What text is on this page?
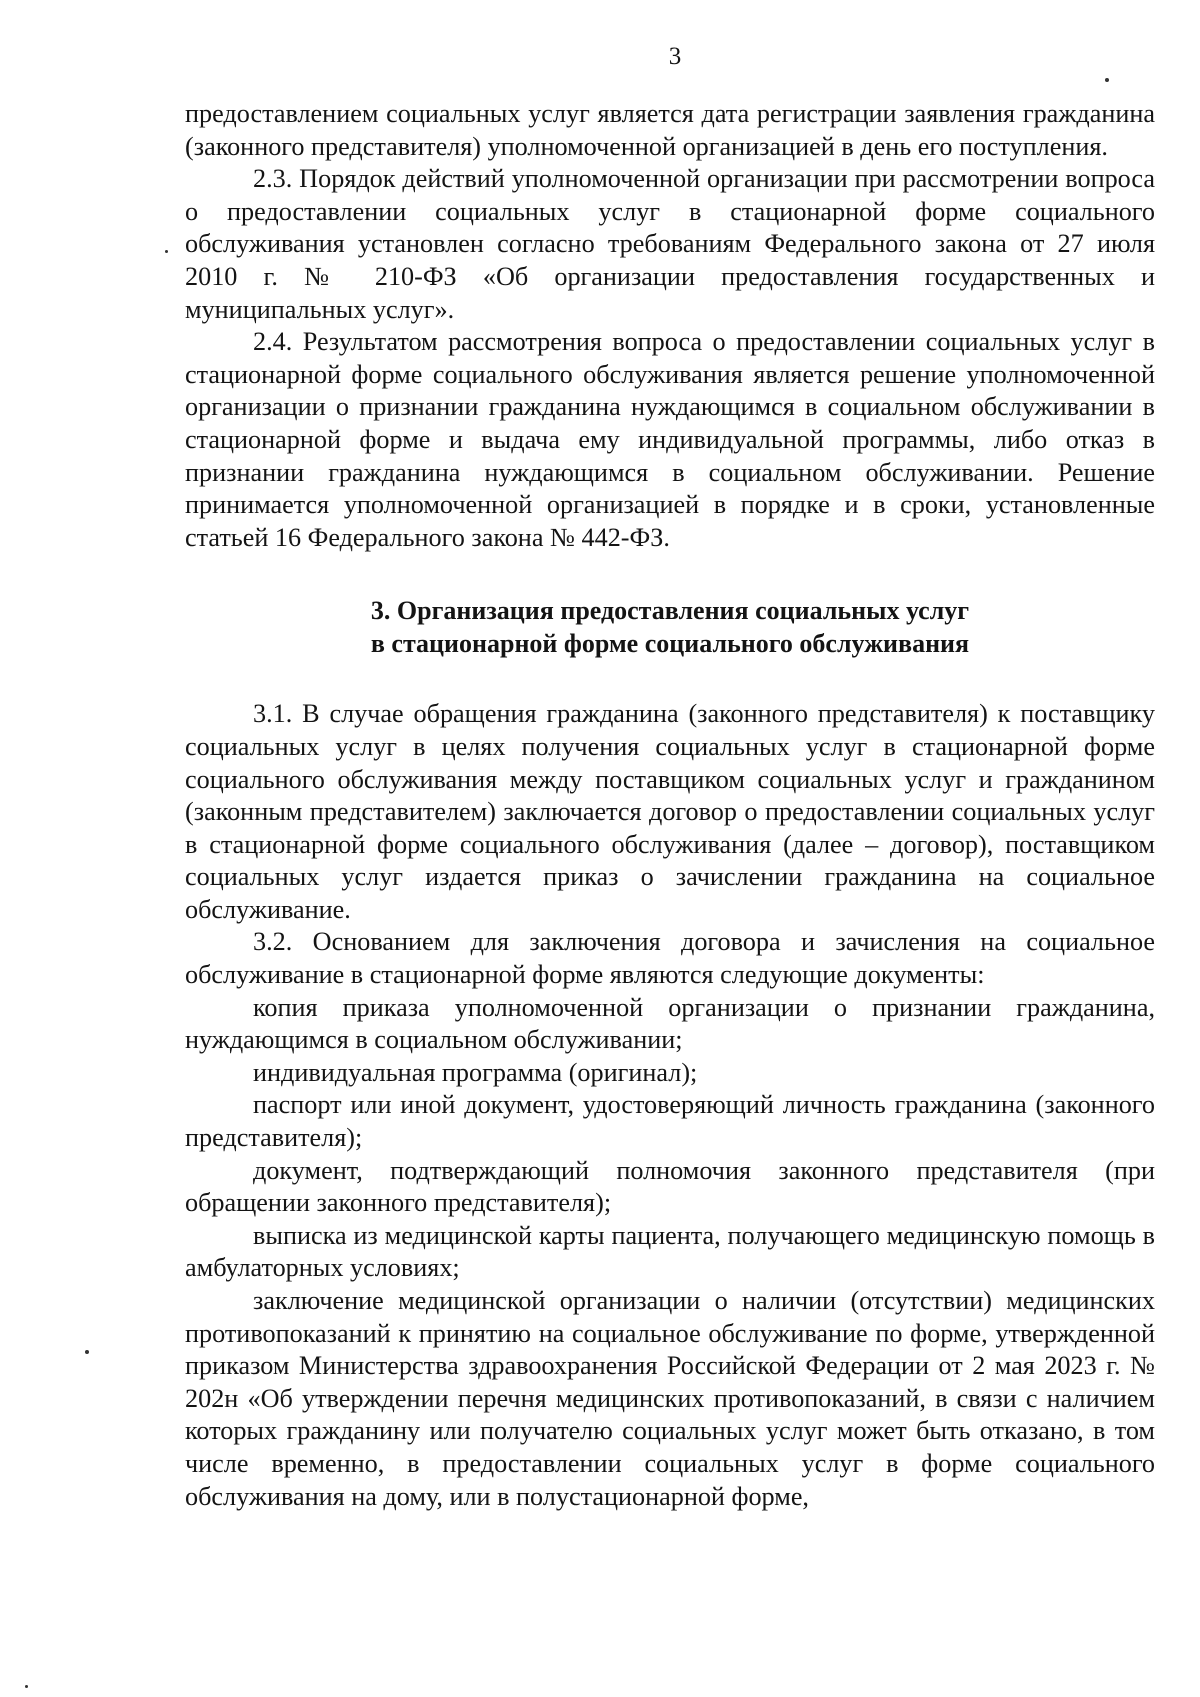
3

предоставлением социальных услуг является дата регистрации заявления гражданина (законного представителя) уполномоченной организацией в день его поступления.

2.3. Порядок действий уполномоченной организации при рассмотрении вопроса о предоставлении социальных услуг в стационарной форме социального обслуживания установлен согласно требованиям Федерального закона от 27 июля 2010 г. № 210-ФЗ «Об организации предоставления государственных и муниципальных услуг».

2.4. Результатом рассмотрения вопроса о предоставлении социальных услуг в стационарной форме социального обслуживания является решение уполномоченной организации о признании гражданина нуждающимся в социальном обслуживании в стационарной форме и выдача ему индивидуальной программы, либо отказ в признании гражданина нуждающимся в социальном обслуживании. Решение принимается уполномоченной организацией в порядке и в сроки, установленные статьей 16 Федерального закона № 442-ФЗ.

3. Организация предоставления социальных услуг
в стационарной форме социального обслуживания

3.1. В случае обращения гражданина (законного представителя) к поставщику социальных услуг в целях получения социальных услуг в стационарной форме социального обслуживания между поставщиком социальных услуг и гражданином (законным представителем) заключается договор о предоставлении социальных услуг в стационарной форме социального обслуживания (далее – договор), поставщиком социальных услуг издается приказ о зачислении гражданина на социальное обслуживание.

3.2. Основанием для заключения договора и зачисления на социальное обслуживание в стационарной форме являются следующие документы:

копия приказа уполномоченной организации о признании гражданина, нуждающимся в социальном обслуживании;

индивидуальная программа (оригинал);

паспорт или иной документ, удостоверяющий личность гражданина (законного представителя);

документ, подтверждающий полномочия законного представителя (при обращении законного представителя);

выписка из медицинской карты пациента, получающего медицинскую помощь в амбулаторных условиях;

заключение медицинской организации о наличии (отсутствии) медицинских противопоказаний к принятию на социальное обслуживание по форме, утвержденной приказом Министерства здравоохранения Российской Федерации от 2 мая 2023 г. № 202н «Об утверждении перечня медицинских противопоказаний, в связи с наличием которых гражданину или получателю социальных услуг может быть отказано, в том числе временно, в предоставлении социальных услуг в форме социального обслуживания на дому, или в полустационарной форме,
